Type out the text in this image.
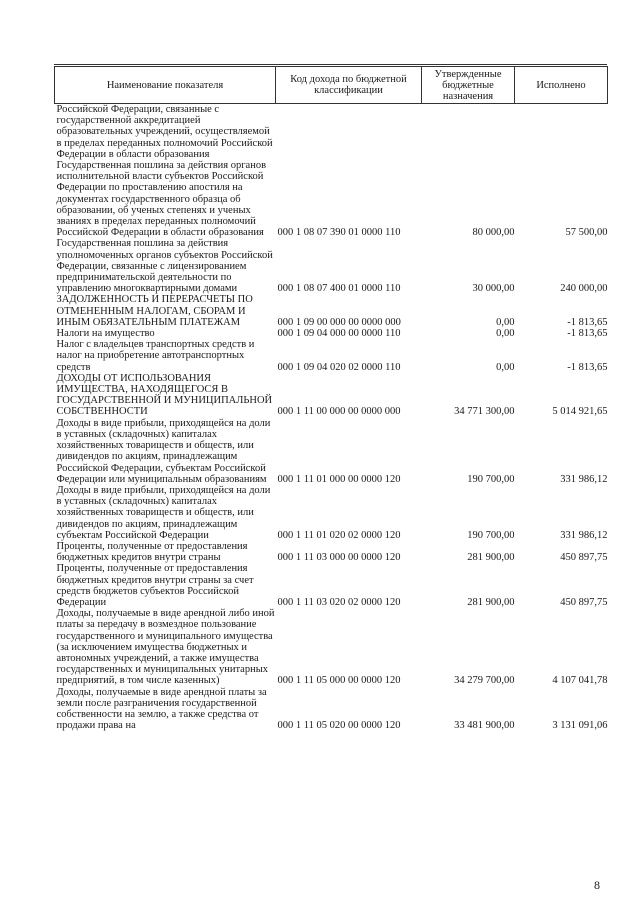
Наименование показателя	Код дохода по бюджетной классификации	Утвержденные бюджетные назначения	Исполнено
Российской Федерации, связанные с государственной аккредитацией образовательных учреждений, осуществляемой в пределах переданных полномочий Российской Федерации в области образования			
Государственная пошлина за действия органов исполнительной власти субъектов Российской Федерации по проставлению апостиля на документах государственного образца об образовании, об ученых степенях и ученых званиях в пределах переданных полномочий Российской Федерации в области образования	000 1 08 07 390 01 0000 110	80 000,00	57 500,00
Государственная пошлина за действия уполномоченных органов субъектов Российской Федерации, связанные с лицензированием предпринимательской деятельности по управлению многоквартирными домами	000 1 08 07 400 01 0000 110	30 000,00	240 000,00
ЗАДОЛЖЕННОСТЬ И ПЕРЕРАСЧЕТЫ ПО ОТМЕНЕННЫМ НАЛОГАМ, СБОРАМ И ИНЫМ ОБЯЗАТЕЛЬНЫМ ПЛАТЕЖАМ	000 1 09 00 000 00 0000 000	0,00	-1 813,65
Налоги на имущество	000 1 09 04 000 00 0000 110	0,00	-1 813,65
Налог с владельцев транспортных средств и налог на приобретение автотранспортных средств	000 1 09 04 020 02 0000 110	0,00	-1 813,65
ДОХОДЫ ОТ ИСПОЛЬЗОВАНИЯ ИМУЩЕСТВА, НАХОДЯЩЕГОСЯ В ГОСУДАРСТВЕННОЙ И МУНИЦИПАЛЬНОЙ СОБСТВЕННОСТИ	000 1 11 00 000 00 0000 000	34 771 300,00	5 014 921,65
Доходы в виде прибыли, приходящейся на доли в уставных (складочных) капиталах хозяйственных товариществ и обществ, или дивидендов по акциям, принадлежащим Российской Федерации, субъектам Российской Федерации или муниципальным образованиям	000 1 11 01 000 00 0000 120	190 700,00	331 986,12
Доходы в виде прибыли, приходящейся на доли в уставных (складочных) капиталах хозяйственных товариществ и обществ, или дивидендов по акциям, принадлежащим субъектам Российской Федерации	000 1 11 01 020 02 0000 120	190 700,00	331 986,12
Проценты, полученные от предоставления бюджетных кредитов внутри страны	000 1 11 03 000 00 0000 120	281 900,00	450 897,75
Проценты, полученные от предоставления бюджетных кредитов внутри страны за счет средств бюджетов субъектов Российской Федерации	000 1 11 03 020 02 0000 120	281 900,00	450 897,75
Доходы, получаемые в виде арендной либо иной платы за передачу в возмездное пользование государственного и муниципального имущества (за исключением имущества бюджетных и автономных учреждений, а также имущества государственных и муниципальных унитарных предприятий, в том числе казенных)	000 1 11 05 000 00 0000 120	34 279 700,00	4 107 041,78
Доходы, получаемые в виде арендной платы за земли после разграничения государственной собственности на землю, а также средства от продажи права на	000 1 11 05 020 00 0000 120	33 481 900,00	3 131 091,06
8
